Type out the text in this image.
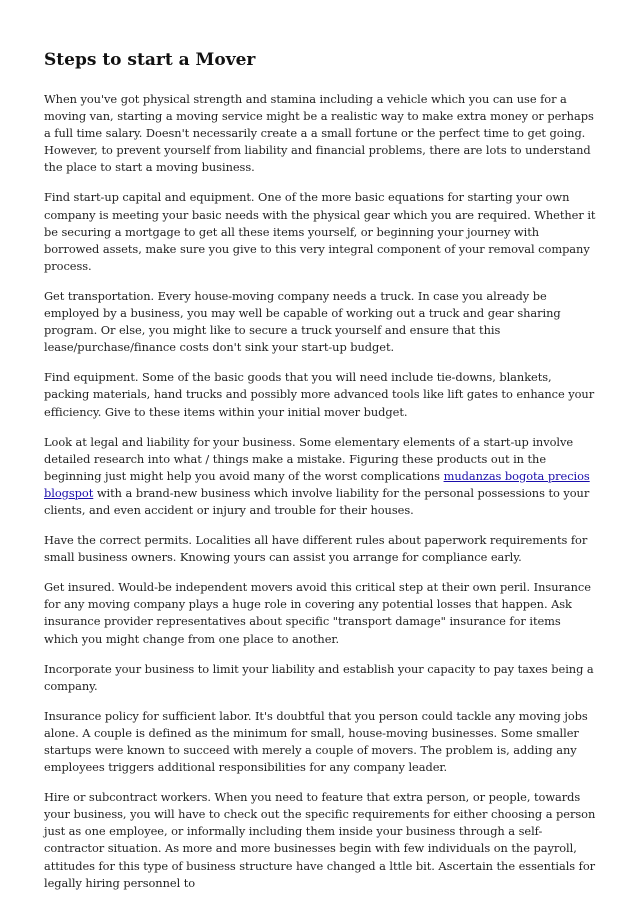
Steps to start a Mover

When you've got physical strength and stamina including a vehicle which you can use for a moving van, starting a moving service might be a realistic way to make extra money or perhaps a full time salary. Doesn't necessarily create a a small fortune or the perfect time to get going. However, to prevent yourself from liability and financial problems, there are lots to understand the place to start a moving business.

Find start-up capital and equipment. One of the more basic equations for starting your own company is meeting your basic needs with the physical gear which you are required. Whether it be securing a mortgage to get all these items yourself, or beginning your journey with borrowed assets, make sure you give to this very integral component of your removal company process.

Get transportation. Every house-moving company needs a truck. In case you already be employed by a business, you may well be capable of working out a truck and gear sharing program. Or else, you might like to secure a truck yourself and ensure that this lease/purchase/finance costs don't sink your start-up budget.

Find equipment. Some of the basic goods that you will need include tie-downs, blankets, packing materials, hand trucks and possibly more advanced tools like lift gates to enhance your efficiency. Give to these items within your initial mover budget.

Look at legal and liability for your business. Some elementary elements of a start-up involve detailed research into what / things make a mistake. Figuring these products out in the beginning just might help you avoid many of the worst complications mudanzas bogota precios blogspot with a brand-new business which involve liability for the personal possessions to your clients, and even accident or injury and trouble for their houses.

Have the correct permits. Localities all have different rules about paperwork requirements for small business owners. Knowing yours can assist you arrange for compliance early.

Get insured. Would-be independent movers avoid this critical step at their own peril. Insurance for any moving company plays a huge role in covering any potential losses that happen. Ask insurance provider representatives about specific "transport damage" insurance for items which you might change from one place to another.

Incorporate your business to limit your liability and establish your capacity to pay taxes being a company.

Insurance policy for sufficient labor. It's doubtful that you person could tackle any moving jobs alone. A couple is defined as the minimum for small, house-moving businesses. Some smaller startups were known to succeed with merely a couple of movers. The problem is, adding any employees triggers additional responsibilities for any company leader.

Hire or subcontract workers. When you need to feature that extra person, or people, towards your business, you will have to check out the specific requirements for either choosing a person just as one employee, or informally including them inside your business through a self-contractor situation. As more and more businesses begin with few individuals on the payroll, attitudes for this type of business structure have changed a lttle bit. Ascertain the essentials for legally hiring personnel to
